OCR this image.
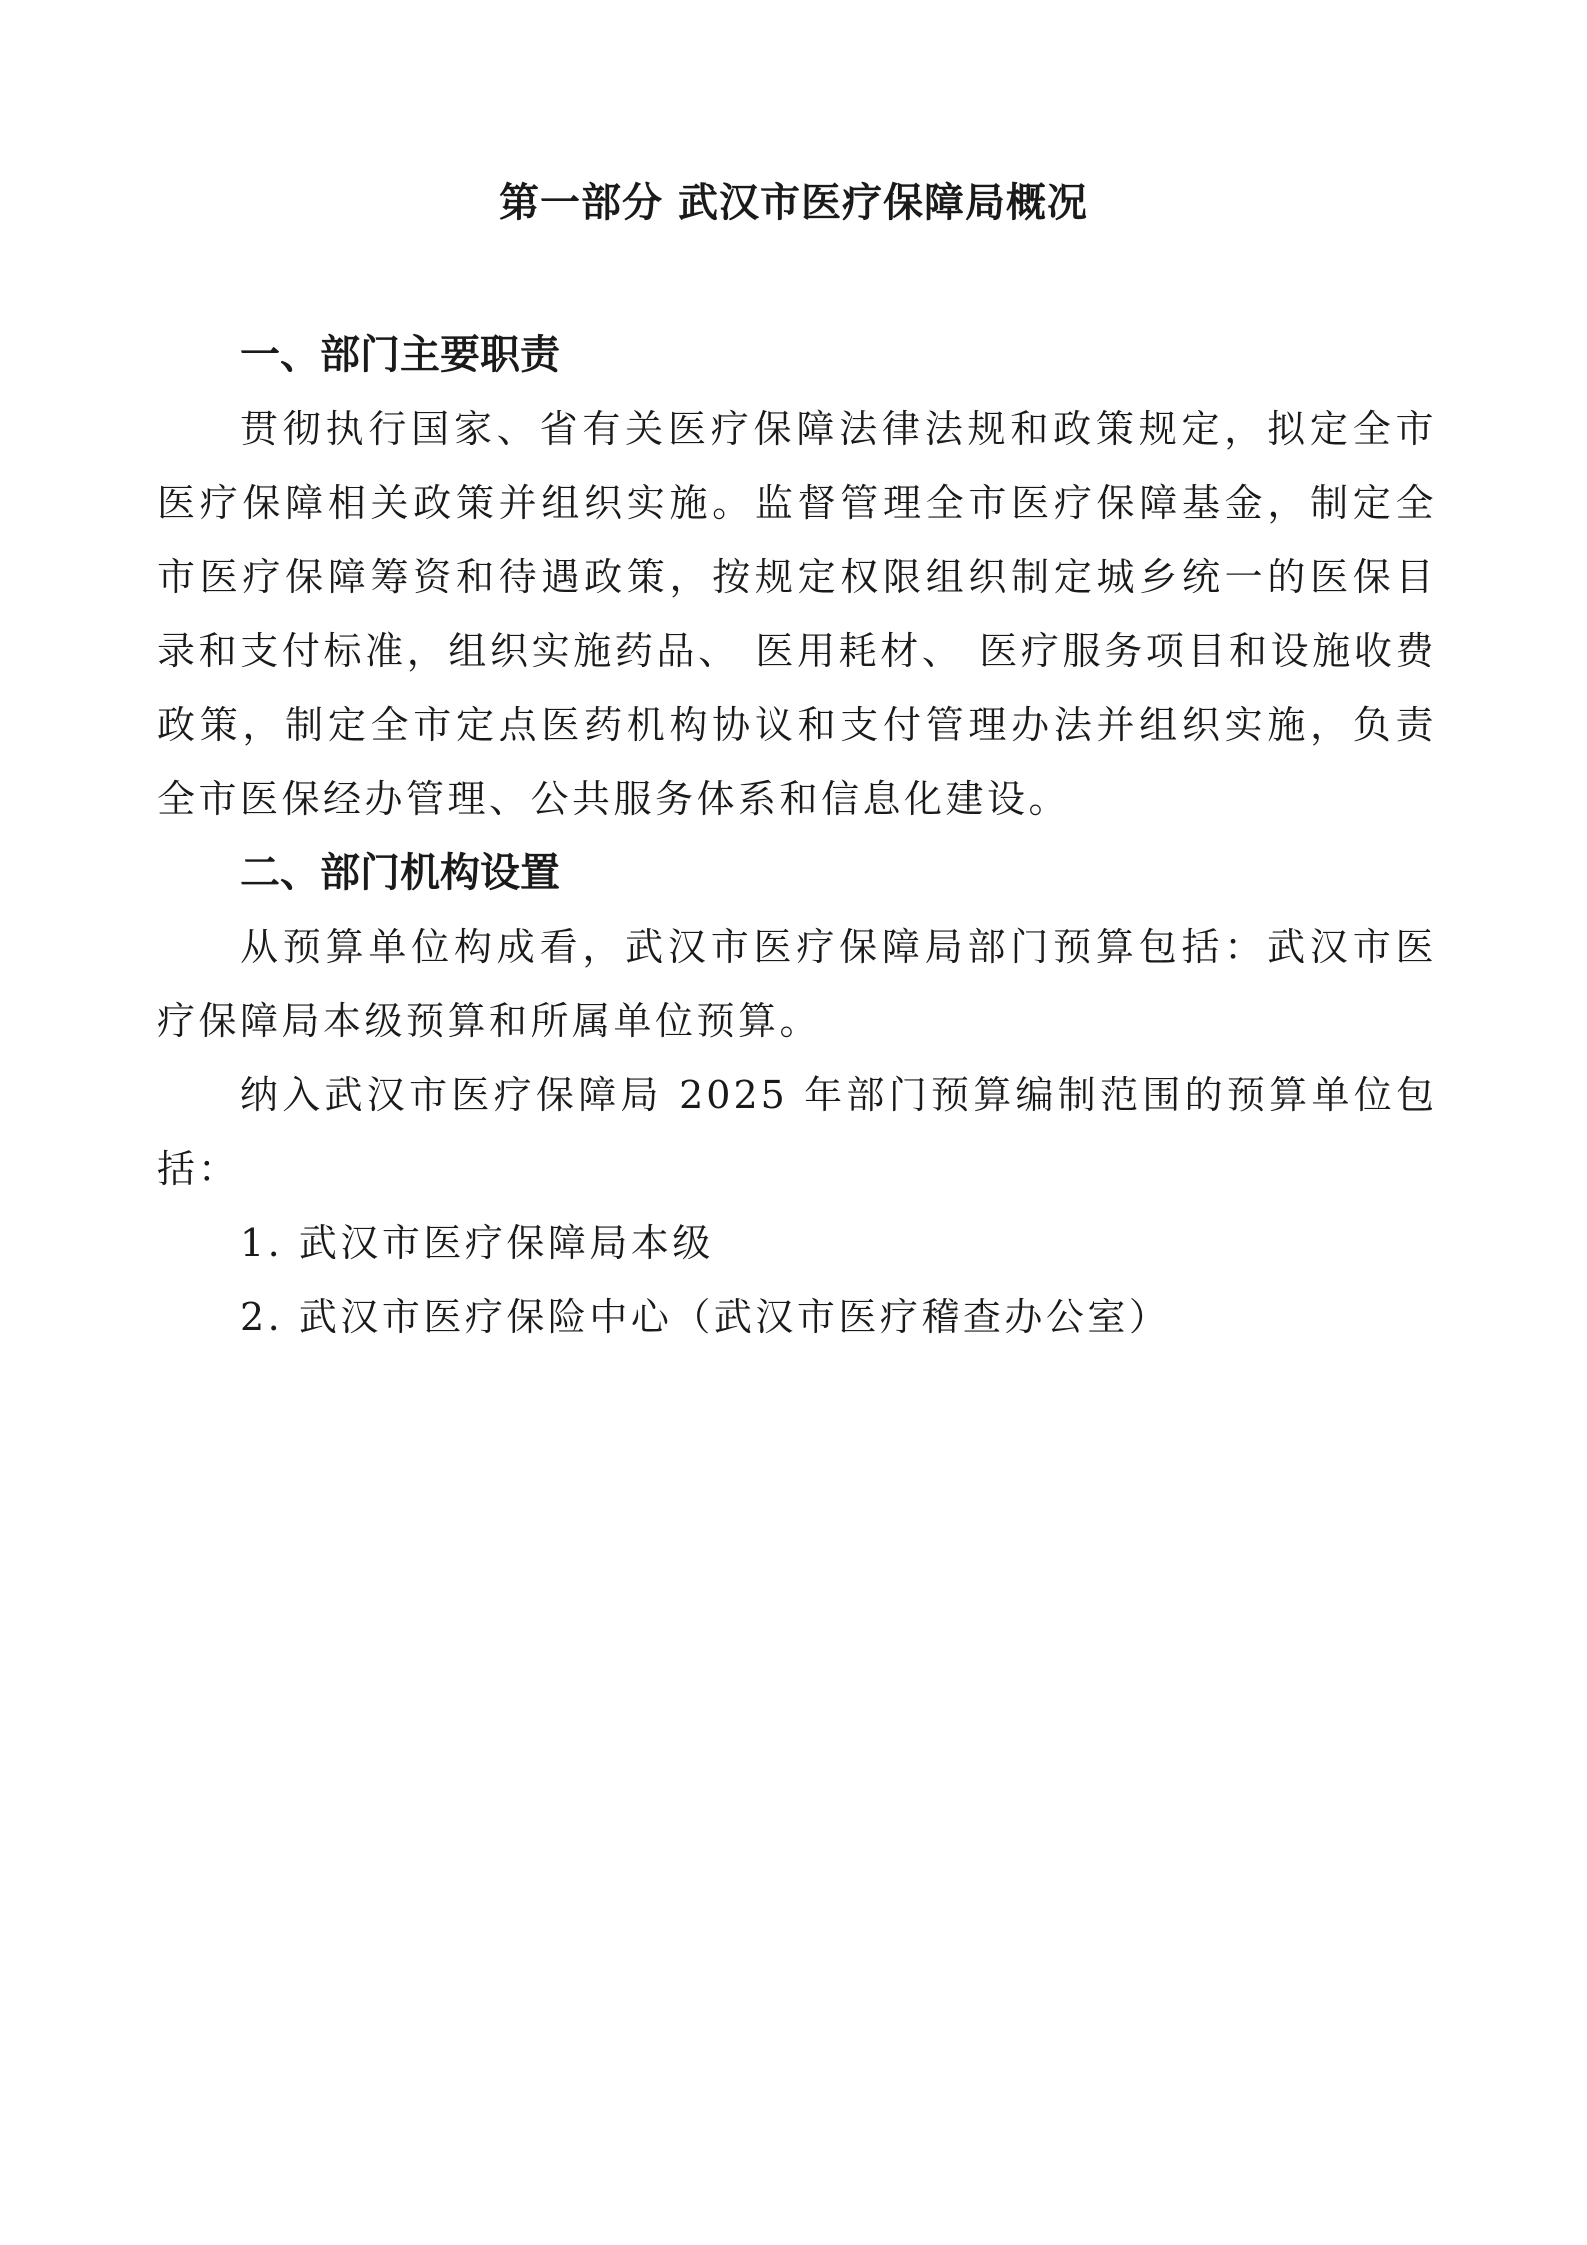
第一部分 武汉市医疗保障局概况
一、部门主要职责

贯彻执行国家、省有关医疗保障法律法规和政策规定，拟定全市医疗保障相关政策并组织实施。监督管理全市医疗保障基金，制定全市医疗保障筹资和待遇政策，按规定权限组织制定城乡统一的医保目录和支付标准，组织实施药品、 医用耗材、 医疗服务项目和设施收费政策，制定全市定点医药机构协议和支付管理办法并组织实施，负责全市医保经办管理、公共服务体系和信息化建设。

二、部门机构设置

从预算单位构成看，武汉市医疗保障局部门预算包括：武汉市医疗保障局本级预算和所属单位预算。

纳入武汉市医疗保障局 2025 年部门预算编制范围的预算单位包括：

1. 武汉市医疗保障局本级

2. 武汉市医疗保险中心（武汉市医疗稽查办公室）
